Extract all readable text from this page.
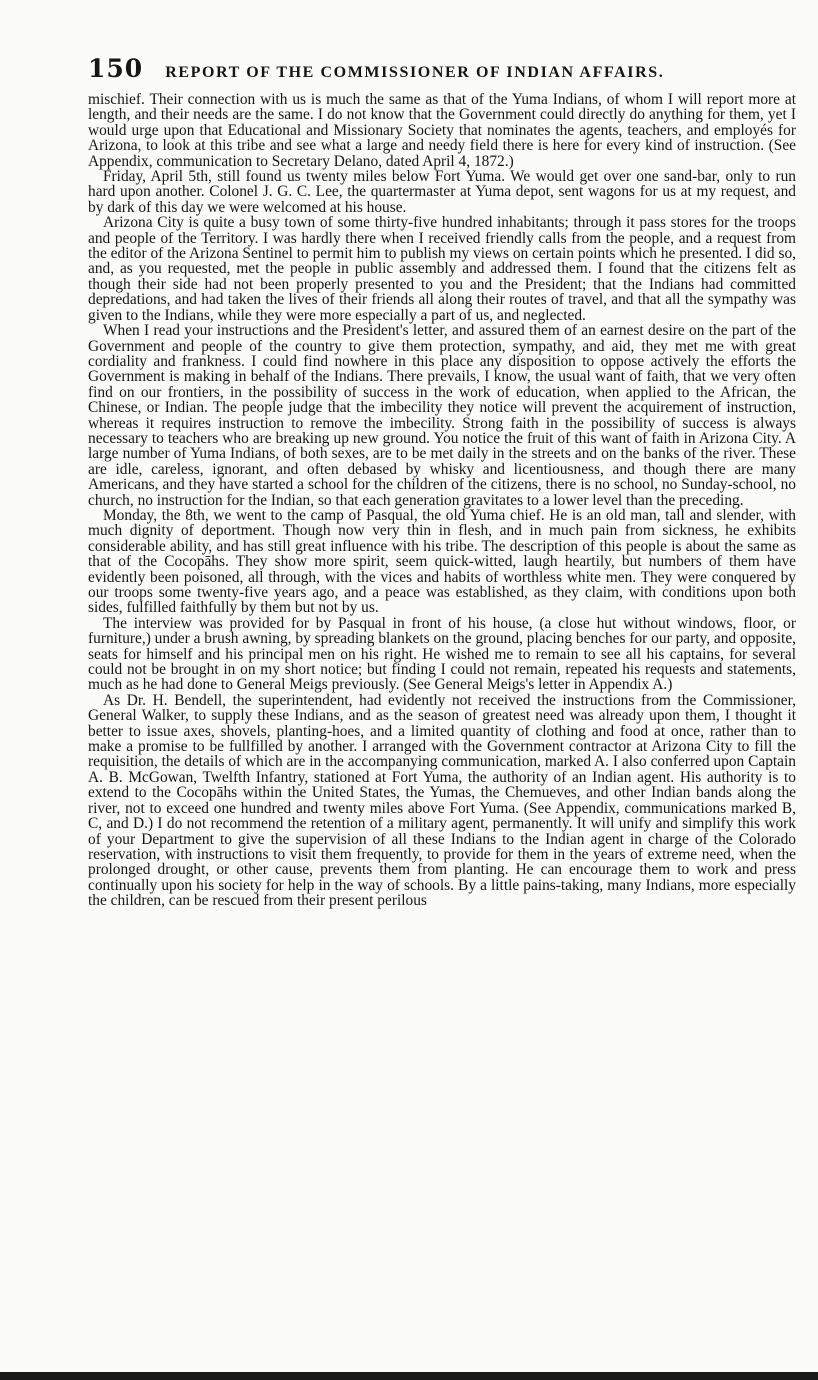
150 REPORT OF THE COMMISSIONER OF INDIAN AFFAIRS.

mischief. Their connection with us is much the same as that of the Yuma Indians, of whom I will report more at length, and their needs are the same. I do not know that the Government could directly do anything for them, yet I would urge upon that Educational and Missionary Society that nominates the agents, teachers, and employés for Arizona, to look at this tribe and see what a large and needy field there is here for every kind of instruction. (See Appendix, communication to Secretary Delano, dated April 4, 1872.)

Friday, April 5th, still found us twenty miles below Fort Yuma. We would get over one sand-bar, only to run hard upon another. Colonel J. G. C. Lee, the quartermaster at Yuma depot, sent wagons for us at my request, and by dark of this day we were welcomed at his house.

Arizona City is quite a busy town of some thirty-five hundred inhabitants; through it pass stores for the troops and people of the Territory. I was hardly there when I received friendly calls from the people, and a request from the editor of the Arizona Sentinel to permit him to publish my views on certain points which he presented. I did so, and, as you requested, met the people in public assembly and addressed them. I found that the citizens felt as though their side had not been properly presented to you and the President; that the Indians had committed depredations, and had taken the lives of their friends all along their routes of travel, and that all the sympathy was given to the Indians, while they were more especially a part of us, and neglected.

When I read your instructions and the President's letter, and assured them of an earnest desire on the part of the Government and people of the country to give them protection, sympathy, and aid, they met me with great cordiality and frankness. I could find nowhere in this place any disposition to oppose actively the efforts the Government is making in behalf of the Indians. There prevails, I know, the usual want of faith, that we very often find on our frontiers, in the possibility of success in the work of education, when applied to the African, the Chinese, or Indian. The people judge that the imbecility they notice will prevent the acquirement of instruction, whereas it requires instruction to remove the imbecility. Strong faith in the possibility of success is always necessary to teachers who are breaking up new ground. You notice the fruit of this want of faith in Arizona City. A large number of Yuma Indians, of both sexes, are to be met daily in the streets and on the banks of the river. These are idle, careless, ignorant, and often debased by whisky and licentiousness, and though there are many Americans, and they have started a school for the children of the citizens, there is no school, no Sunday-school, no church, no instruction for the Indian, so that each generation gravitates to a lower level than the preceding.

Monday, the 8th, we went to the camp of Pasqual, the old Yuma chief. He is an old man, tall and slender, with much dignity of deportment. Though now very thin in flesh, and in much pain from sickness, he exhibits considerable ability, and has still great influence with his tribe. The description of this people is about the same as that of the Cocopāhs. They show more spirit, seem quick-witted, laugh heartily, but numbers of them have evidently been poisoned, all through, with the vices and habits of worthless white men. They were conquered by our troops some twenty-five years ago, and a peace was established, as they claim, with conditions upon both sides, fulfilled faithfully by them but not by us.

The interview was provided for by Pasqual in front of his house, (a close hut without windows, floor, or furniture,) under a brush awning, by spreading blankets on the ground, placing benches for our party, and opposite, seats for himself and his principal men on his right. He wished me to remain to see all his captains, for several could not be brought in on my short notice; but finding I could not remain, repeated his requests and statements, much as he had done to General Meigs previously. (See General Meigs's letter in Appendix A.)

As Dr. H. Bendell, the superintendent, had evidently not received the instructions from the Commissioner, General Walker, to supply these Indians, and as the season of greatest need was already upon them, I thought it better to issue axes, shovels, planting-hoes, and a limited quantity of clothing and food at once, rather than to make a promise to be fullfilled by another. I arranged with the Government contractor at Arizona City to fill the requisition, the details of which are in the accompanying communication, marked A. I also conferred upon Captain A. B. McGowan, Twelfth Infantry, stationed at Fort Yuma, the authority of an Indian agent. His authority is to extend to the Cocopāhs within the United States, the Yumas, the Chemueves, and other Indian bands along the river, not to exceed one hundred and twenty miles above Fort Yuma. (See Appendix, communications marked B, C, and D.) I do not recommend the retention of a military agent, permanently. It will unify and simplify this work of your Department to give the supervision of all these Indians to the Indian agent in charge of the Colorado reservation, with instructions to visit them frequently, to provide for them in the years of extreme need, when the prolonged drought, or other cause, prevents them from planting. He can encourage them to work and press continually upon his society for help in the way of schools. By a little pains-taking, many Indians, more especially the children, can be rescued from their present perilous
